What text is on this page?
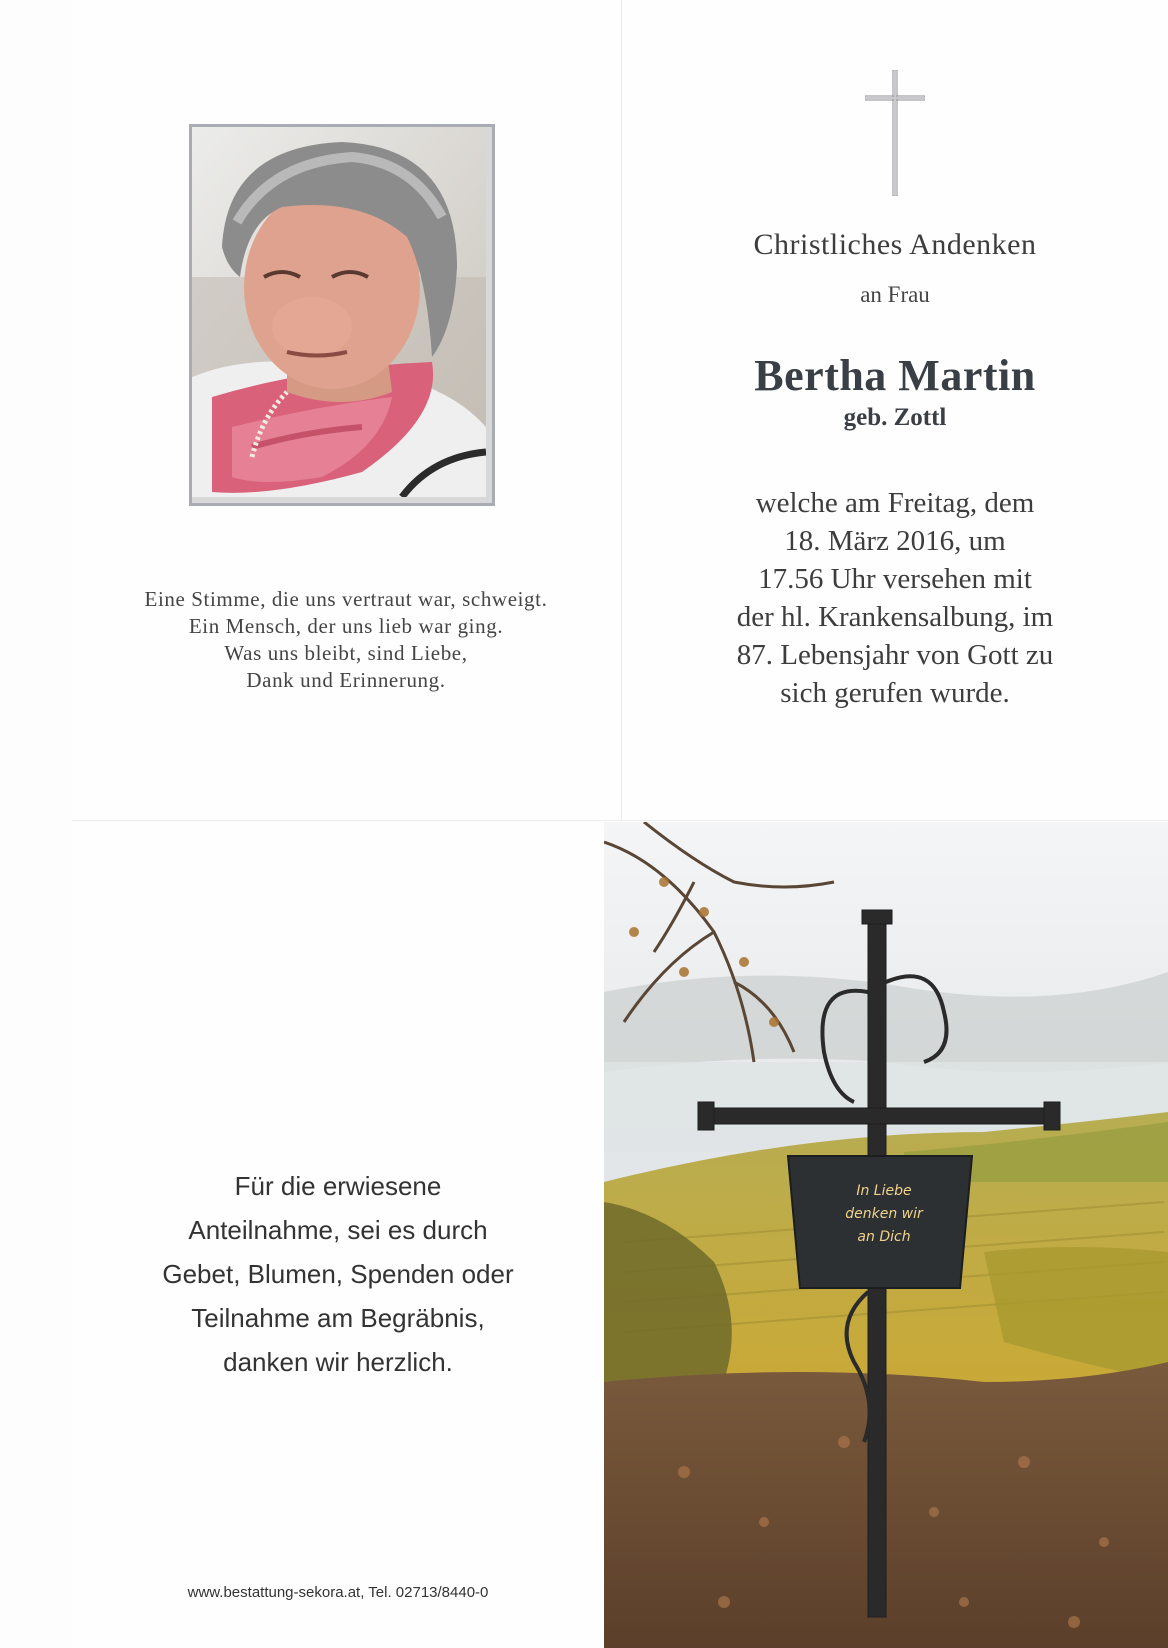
Eine Stimme, die uns vertraut war, schweigt.
Ein Mensch, der uns lieb war ging.
Was uns bleibt, sind Liebe,
Dank und Erinnerung.
Christliches Andenken
an Frau
Bertha Martin
geb. Zottl
welche am Freitag, dem
18. März 2016, um
17.56 Uhr versehen mit
der hl. Krankensalbung, im
87. Lebensjahr von Gott zu
sich gerufen wurde.
Für die erwiesene
Anteilnahme, sei es durch
Gebet, Blumen, Spenden oder
Teilnahme am Begräbnis,
danken wir herzlich.
www.bestattung-sekora.at, Tel. 02713/8440-0
In Liebe
denken wir
an Dich
